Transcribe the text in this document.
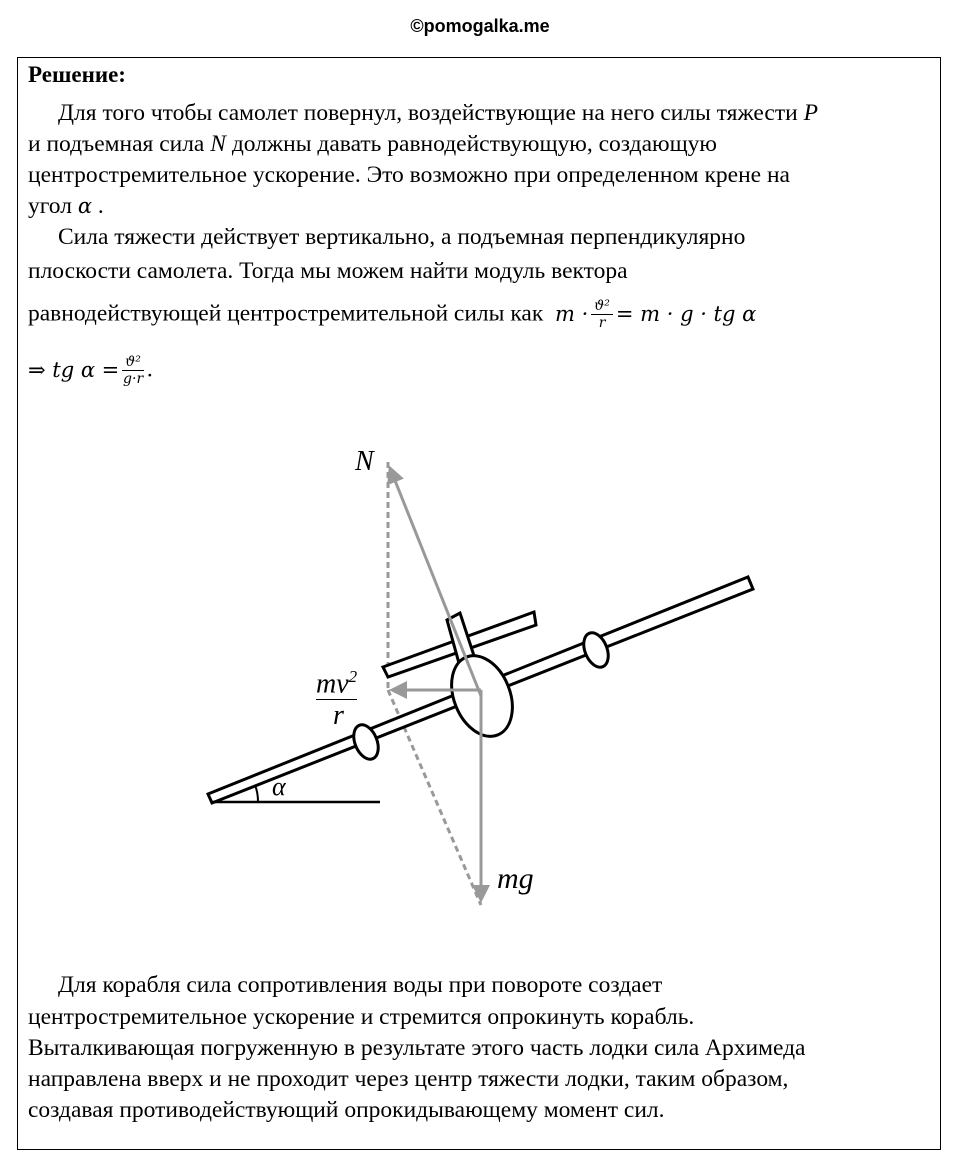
©pomogalka.me
Решение:
Для того чтобы самолет повернул, воздействующие на него силы тяжести P
и подъемная сила N должны давать равнодействующую, создающую
центростремительное ускорение. Это возможно при определенном крене на
угол α .
Сила тяжести действует вертикально, а подъемная перпендикулярно
плоскости самолета. Тогда мы можем найти модуль вектора
равнодействующей центростремительной силы как $m \cdot \frac{\text{ϑ²}}{r} = m \cdot g$ · tg α
⇒ tg $\alpha = \frac{\text{ϑ²}}{g\cdot r}$ .
N
$mv^2$
r
α
mg
Для корабля сила сопротивления воды при повороте создает
центростремительное ускорение и стремится опрокинуть корабль.
Выталкивающая погруженную в результате этого часть лодки сила Архимеда
направлена вверх и не проходит через центр тяжести лодки, таким образом,
создавая противодействующий опрокидывающему момент сил.
